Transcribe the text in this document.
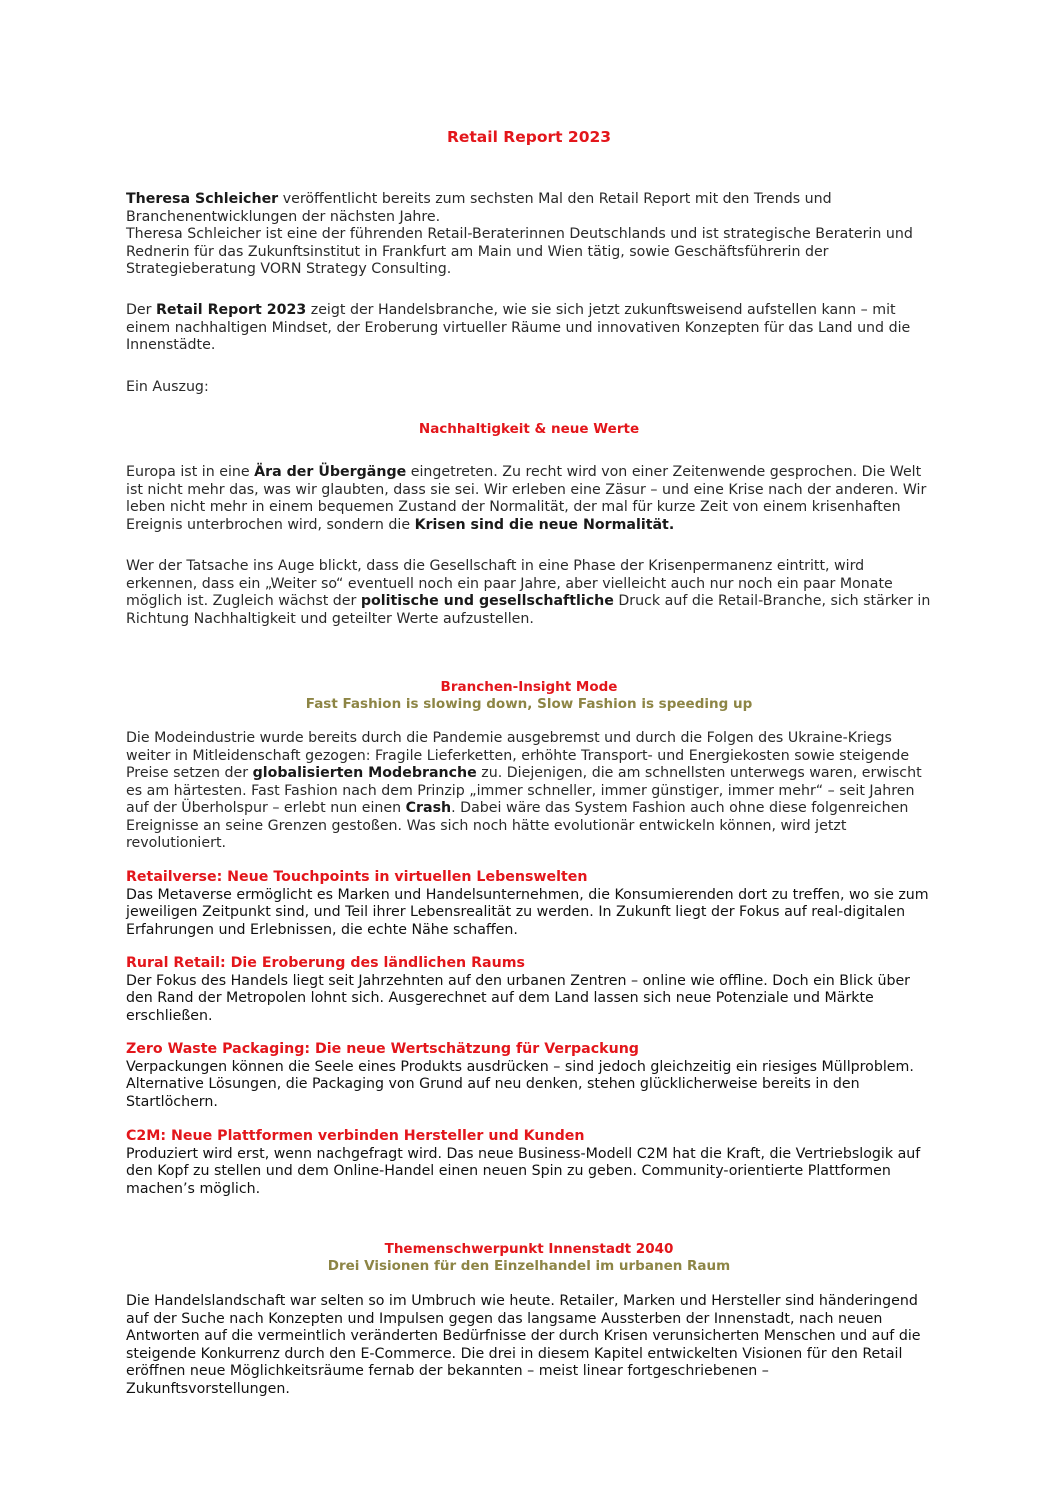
Retail Report 2023

Theresa Schleicher veröffentlicht bereits zum sechsten Mal den Retail Report mit den Trends und Branchenentwicklungen der nächsten Jahre.
Theresa Schleicher ist eine der führenden Retail-Beraterinnen Deutschlands und ist strategische Beraterin und Rednerin für das Zukunftsinstitut in Frankfurt am Main und Wien tätig, sowie Geschäftsführerin der Strategieberatung VORN Strategy Consulting.

Der Retail Report 2023 zeigt der Handelsbranche, wie sie sich jetzt zukunftsweisend aufstellen kann – mit einem nachhaltigen Mindset, der Eroberung virtueller Räume und innovativen Konzepten für das Land und die Innenstädte.

Ein Auszug:

Nachhaltigkeit & neue Werte

Europa ist in eine Ära der Übergänge eingetreten. Zu recht wird von einer Zeitenwende gesprochen. Die Welt ist nicht mehr das, was wir glaubten, dass sie sei. Wir erleben eine Zäsur – und eine Krise nach der anderen. Wir leben nicht mehr in einem bequemen Zustand der Normalität, der mal für kurze Zeit von einem krisenhaften Ereignis unterbrochen wird, sondern die Krisen sind die neue Normalität.

Wer der Tatsache ins Auge blickt, dass die Gesellschaft in eine Phase der Krisenpermanenz eintritt, wird erkennen, dass ein „Weiter so“ eventuell noch ein paar Jahre, aber vielleicht auch nur noch ein paar Monate möglich ist. Zugleich wächst der politische und gesellschaftliche Druck auf die Retail-Branche, sich stärker in Richtung Nachhaltigkeit und geteilter Werte aufzustellen.

Branchen-Insight Mode
Fast Fashion is slowing down, Slow Fashion is speeding up

Die Modeindustrie wurde bereits durch die Pandemie ausgebremst und durch die Folgen des Ukraine-Kriegs weiter in Mitleidenschaft gezogen: Fragile Lieferketten, erhöhte Transport- und Energiekosten sowie steigende Preise setzen der globalisierten Modebranche zu. Diejenigen, die am schnellsten unterwegs waren, erwischt es am härtesten. Fast Fashion nach dem Prinzip „immer schneller, immer günstiger, immer mehr“ – seit Jahren auf der Überholspur – erlebt nun einen Crash. Dabei wäre das System Fashion auch ohne diese folgenreichen Ereignisse an seine Grenzen gestoßen. Was sich noch hätte evolutionär entwickeln können, wird jetzt revolutioniert.

Retailverse: Neue Touchpoints in virtuellen Lebenswelten
Das Metaverse ermöglicht es Marken und Handelsunternehmen, die Konsumierenden dort zu treffen, wo sie zum jeweiligen Zeitpunkt sind, und Teil ihrer Lebensrealität zu werden. In Zukunft liegt der Fokus auf real-digitalen Erfahrungen und Erlebnissen, die echte Nähe schaffen.
Rural Retail: Die Eroberung des ländlichen Raums
Der Fokus des Handels liegt seit Jahrzehnten auf den urbanen Zentren – online wie offline. Doch ein Blick über den Rand der Metropolen lohnt sich. Ausgerechnet auf dem Land lassen sich neue Potenziale und Märkte erschließen.
Zero Waste Packaging: Die neue Wertschätzung für Verpackung
Verpackungen können die Seele eines Produkts ausdrücken – sind jedoch gleichzeitig ein riesiges Müllproblem. Alternative Lösungen, die Packaging von Grund auf neu denken, stehen glücklicherweise bereits in den Startlöchern.
C2M: Neue Plattformen verbinden Hersteller und Kunden
Produziert wird erst, wenn nachgefragt wird. Das neue Business-Modell C2M hat die Kraft, die Vertriebslogik auf den Kopf zu stellen und dem Online-Handel einen neuen Spin zu geben. Community-orientierte Plattformen machen’s möglich.
Themenschwerpunkt Innenstadt 2040
Drei Visionen für den Einzelhandel im urbanen Raum

Die Handelslandschaft war selten so im Umbruch wie heute. Retailer, Marken und Hersteller sind händeringend auf der Suche nach Konzepten und Impulsen gegen das langsame Aussterben der Innenstadt, nach neuen Antworten auf die vermeintlich veränderten Bedürfnisse der durch Krisen verunsicherten Menschen und auf die steigende Konkurrenz durch den E-Commerce. Die drei in diesem Kapitel entwickelten Visionen für den Retail eröffnen neue Möglichkeitsräume fernab der bekannten – meist linear fortgeschriebenen – Zukunftsvorstellungen.
